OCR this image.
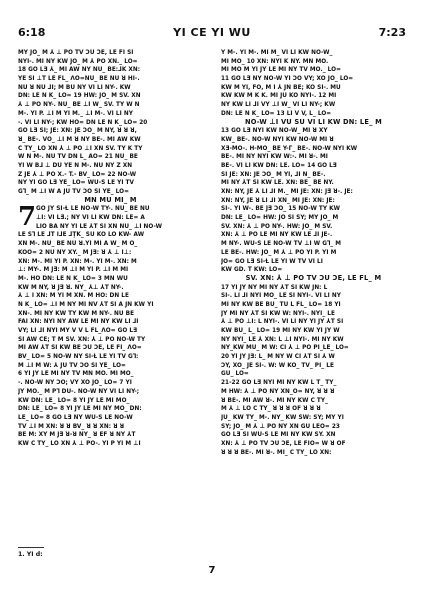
6:18	YI CE YI WU	7:23
MY JO_ M ⅄ ⊥ PO TV ƆU ƆE, LE FI SI
NYI-. MI NY KW JO_ M ⅄ PO XN._ LO=
18 GO L∃ ⅄_ MI AW NY NU_ BE:⅃K XN:
YE SI ⊥T LE FL_ ΛO=NU_ BE NU ꓤ HI-.
NU ꓤ NU ⅃I; M BU NY VI LI NY-. KW
DN: LE N K_ LO= 19 HW: JO_ M SV. XN
⅄ ⊥ PO NY-. NU_ BE ⊥I W_ SV. TY W N
M-. YI P. ⊥I M YI M._ ⊥I M-. VI LI NY
-. VI LI NY-; KW HO= DN LE N K_ LO= 20
GO L∃ SI; JE: XN: JE ƆO_ M NY, ꓤ ꓤ ꓤ,
ꓤ_ BE-. VO_ ⊥I M ꓤ NY BE-. MI AW KW
C TY_ LO XN ⅄ ⊥ PO ⊥I XN SV. TY K TY
W N M-. NU TV DN L_ AO= 21 NU_ BE
YI W B⅃ ⊥ DU YE N M-. NU NY Z XN
Z JE ⅄ ⊥ PO X.- T.- BV_ LO= 22 NO-W
NY YI GO L∃ YE_ LO= WU-S LE YI TV
G⅂_ M ⊥I W A JU TV ƆO SI YE_ LO=
MN MU MI_ M
7 GO JY SI-Ƚ LE NO-W TY-. NU_ BE NU
⊥I: VI L∃.; NY VI LI KW DN: LE= A
LIO BA NY YI LE ⅄T SI XN NU_ ⊥I NO-W
LE S⅂ LE ⅃T I⅃E ⅃ŢK_ SU KO LO KW- AW
XN M-. NU_ BE NU ꓤ.YI MI A W_ M O_
KOO= 2 NU NY XY._ M J∃: ꓤ ⅄ ⊥ I⊥:
XN: M-. MI YI P. XN: M-. YI M-. XN: M
⊥: MY-. M J∃: M ⊥I M YI P. ⊥I M MI
M-. HO DN: LE N K_ LO= 3 MN WU
KW M NY, ꓤ J∃ ꓤ. NY_ ⅄⊥ ⅄T NY-.
⅄ ⊥ I XN: M YI M XN. M HO: DN LE
N K_ LO= ⊥I M NY MI NV ⅄T SI A JN KW YI
XN-. MI NY KW TY KW M NY-. NU BE
FAI XN: NYI NY AW LE MI NY KW LI ⅃I
VY; LI ⅃I NYI MY V V L FL_ΛO= GO L∃
SI AW CE; T M SV. XN: ⅄ ⊥ PO NO-W TY
MI AW ⅄T SI KW BE ƆU ƆE, LE FI_ ΛO=
BV_ LO= 5 NO-W NY SI-Ƚ LE YI TV G⅂:
M ⊥I M W: ⅄ JU TV ƆO SI YE_ LO=
6 YI JY LE MI NY TV MN MO. MI MO_
-. NO-W NY ƆO; VY XO JO_ LO= 7 YI
JY MO._ M P⅂ DU-. NO-W NY VI LI NY-;
KW DN: LE_ LO= 8 YI JY LE MI MO_
DN: LE_ LO= 8 YI JY LE MI NY MO_ DN:
LE_ LO= 8 GO L∃ NY WU-S LE NO-W
TV ⊥I M XN: ꓤ ꓤ BV_ ꓤ ꓤ XN: ꓤ ꓤ
BE M: XY M J∃ ꓤ-ꓤ NY_ ꓤ EF ꓤ NY ⅄T
KW C TY_ LO XN ⅄ ⊥ PO-. YI P YI M ⊥I
Y M-. YI M-. MI M_ VI LI KW NO-W_
MI MO_ 10 XN: NYI K NY. MN MO.
MI MO M YI JY LE MI NY TV MO._ LO=
11 GO L∃ NY NO-W YI ƆO VY; XO JO_ LO=
KW M YI, FO, M I ⅄ JN BE; KO SI-. MU
KW KW M K K. MI JU KO NYI-. 12 MI
NY KW LI ⅃I VY ⊥I W_ VI LI NY-; KW
DN: LE N K_ LO= 13 LI V V, L_ LO=
NO-W ⊥I VU SU VI LI KW DN: LE_ M
13 GO L∃ NYI KW NO-W_ MI ꓤ XY
KW_ BE-. NO-W NYI KW NO-W MI ꓤ
XƎ-MO-. H-MO_ BE Y-Γ_ BE-. NO-W NYI KW
BE-. MI NY NYI KW W:-. MI ꓤ-. MI
BE-. VI LI KW DN: LE. LO= 14 GO L∃
SI JE: XN: JE ƆO_ M YI, ⅃I N_ BE-.
MI NY ⅄T SI KW LE. XN: BE_ BE NY.
XN: NY, JE ⅄ LI ⅃I M._ MI JE: XN: J∃ ꓤ-. JE:
XN: NY, JE ꓤ LI ⅃I XN_ MI JE: XN: JE:
SI-. YI W-. BE J∃ ƆO_ 15 NO-W TY KW
DN: LE_ LO= HW: JO SI SY; MY JO_ M
SV. XN: ⅄ ⊥ PO NY-. HW: JO_ M SV.
XN: ⅄ ⊥ PO LE MI NY KW LE ⅃I JE-.
M NY-. WU-S LE NO-W TV ⊥I W G⅂_ M
LE BE-. HW: JO_ M ⅄ ⊥ PO YI P. YI M
JO= GO L∃ SI-Ƚ LE YI W TV VI LI
KW GD. T KW: LO=
SV. XN: ⅄ ⊥ PO TV ƆU ƆE, LE FL_ M
17 YI JY NY MI NY ⅄T SI KW JN: L
SI-. LI ⅃I NYI MO_ LE SI NYI-. VI LI NY
MI NY KW BE BU_ TU L FL_ LO= 18 YI
JY MI NY ⅄T SI KW W: NYI-. NYI_ LE
⅄ ⊥ PO ⊥I: L NYI-. VI LI NY YI JY ⅄T SI
KW BU_ L_ LO= 19 MI NY KW YI JY W
NY NYI_ LE ⅄ XN: L ⊥I NYI-. MI NY KW
NY_KW MU_ M W: CI ⅄ ⊥ PO PI_LE_ LO=
20 YI JY J∃: L_ M NY W CI ⅄T SI ⅄ W
ƆY, XO_ JE SI-. W: W KO_ TV_ PI_ LE
GU_ LO=
21-22 GO L∃ NYI MI NY KW L T_ TY_
M HW: ⅄ ⊥ PO NY XN_O= NY, ꓤ ꓤ ꓤ
ꓤ BE-. MI AW ꓤ-. MI NY KW C TY_
M ⅄ ⊥ LO C TY_ ꓤ ꓤ ꓤ OF ꓤ ꓤ ꓤ
JU_ KW TY_ M-. NY_ KW SW: SY; MY YI
SY; JO_ M ⅄ ⊥ PO NY XN GU LEO= 23
GO L∃ SI WU-S LE MI NY KW SY. XN
XN: ⅄ ⊥ PO TV ƆU ƆE, LE FIO= W ꓤ OF
ꓤ ꓤ ꓤ BE-. MI ꓤ-. MI_ C TY_ LO XN:
1. YI d:
7
